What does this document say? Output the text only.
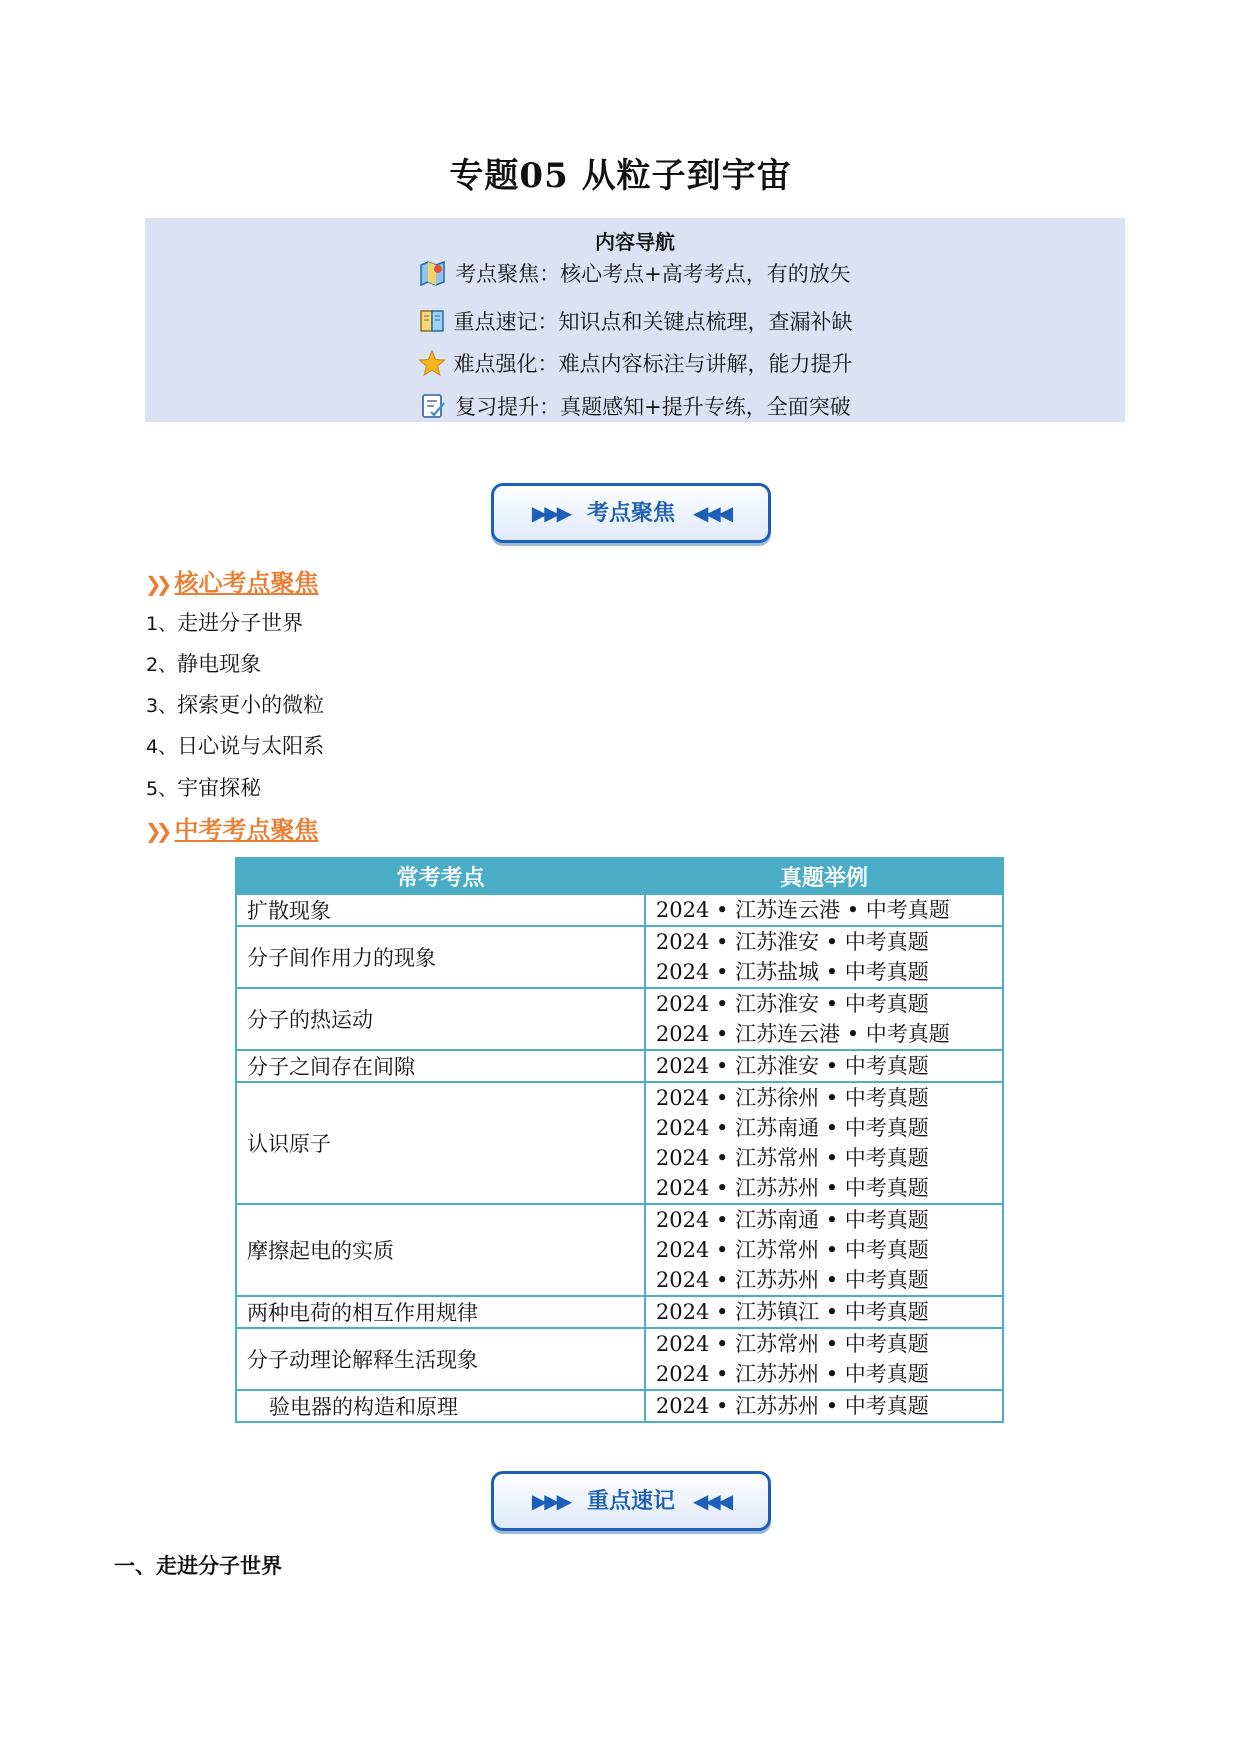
专题05 从粒子到宇宙
内容导航
考点聚焦：核心考点+高考考点，有的放矢
重点速记：知识点和关键点梳理，查漏补缺
难点强化：难点内容标注与讲解，能力提升
复习提升：真题感知+提升专练，全面突破
▶▶▶ 考点聚焦 ◀◀◀
❯❯ 核心考点聚焦
1、走进分子世界
2、静电现象
3、探索更小的微粒
4、日心说与太阳系
5、宇宙探秘
❯❯ 中考考点聚焦
常考考点	真题举例
扩散现象	2024 • 江苏连云港 • 中考真题

分子间作用力的现象	2024 • 江苏淮安 • 中考真题
2024 • 江苏盐城 • 中考真题

分子的热运动	2024 • 江苏淮安 • 中考真题
2024 • 江苏连云港 • 中考真题

分子之间存在间隙	2024 • 江苏淮安 • 中考真题

认识原子	2024 • 江苏徐州 • 中考真题
2024 • 江苏南通 • 中考真题
2024 • 江苏常州 • 中考真题
2024 • 江苏苏州 • 中考真题

摩擦起电的实质	2024 • 江苏南通 • 中考真题
2024 • 江苏常州 • 中考真题
2024 • 江苏苏州 • 中考真题

两种电荷的相互作用规律	2024 • 江苏镇江 • 中考真题

分子动理论解释生活现象	2024 • 江苏常州 • 中考真题
2024 • 江苏苏州 • 中考真题

验电器的构造和原理	2024 • 江苏苏州 • 中考真题
▶▶▶ 重点速记 ◀◀◀
一、走进分子世界
